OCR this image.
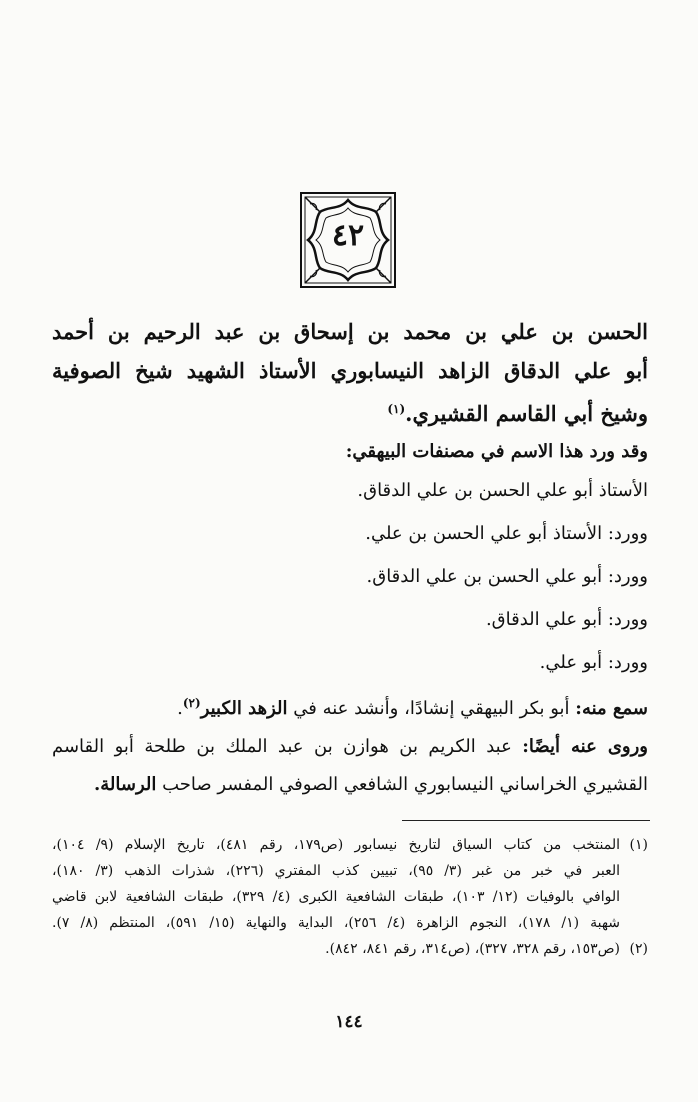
٤٢
الحسن بن علي بن محمد بن إسحاق بن عبد الرحيم بن أحمد
أبو علي الدقاق الزاهد النيسابوري الأستاذ الشهيد شيخ الصوفية
وشيخ أبي القاسم القشيري.$^{(١)}$
وقد ورد هذا الاسم في مصنفات البيهقي:
الأستاذ أبو علي الحسن بن علي الدقاق.
وورد: الأستاذ أبو علي الحسن بن علي.
وورد: أبو علي الحسن بن علي الدقاق.
وورد: أبو علي الدقاق.
وورد: أبو علي.
سمع منه: أبو بكر البيهقي إنشادًا، وأنشد عنه في الزهد الكبير$^{(٢)}$.
وروى عنه أيضًا: عبد الكريم بن هوازن بن عبد الملك بن طلحة أبو القاسم
القشيري الخراساني النيسابوري الشافعي الصوفي المفسر صاحب الرسالة.
(١)المنتخب من كتاب السياق لتاريخ نيسابور (ص١٧٩، رقم ٤٨١)، تاريخ الإسلام (٩/ ١٠٤)،
العبر في خبر من غبر (٣/ ٩٥)، تبيين كذب المفتري (٢٢٦)، شذرات الذهب (٣/ ١٨٠)،
الوافي بالوفيات (١٢/ ١٠٣)، طبقات الشافعية الكبرى (٤/ ٣٢٩)، طبقات الشافعية لابن قاضي
شهبة (١/ ١٧٨)، النجوم الزاهرة (٤/ ٢٥٦)، البداية والنهاية (١٥/ ٥٩١)، المنتظم (٨/ ٧).
(٢)(ص١٥٣، رقم ٣٢٨، ٣٢٧)، (ص٣١٤، رقم ٨٤١، ٨٤٢).
١٤٤
